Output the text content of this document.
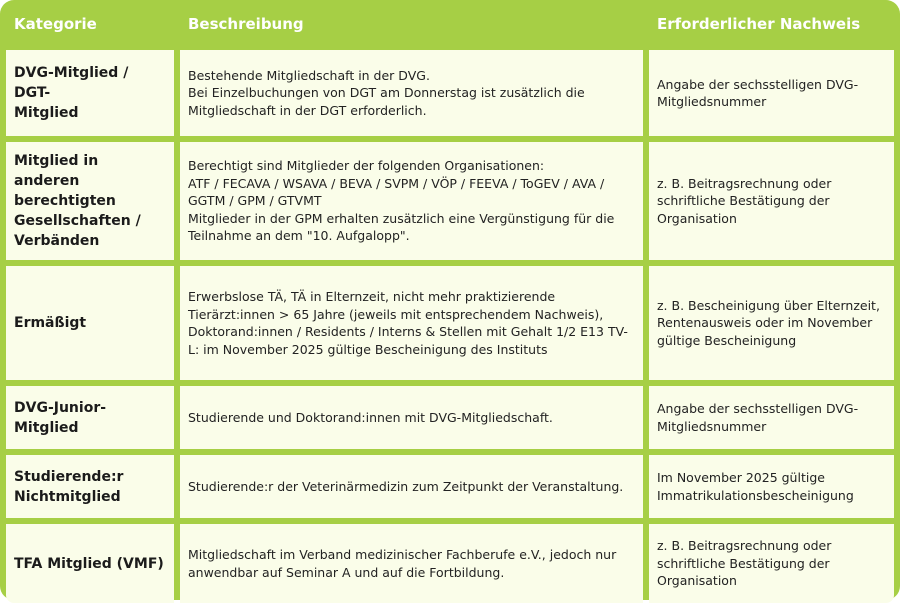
Kategorie	Beschreibung	Erforderlicher Nachweis
DVG-Mitglied / DGT-
Mitglied
Bestehende Mitgliedschaft in der DVG.
Bei Einzelbuchungen von DGT am Donnerstag ist zusätzlich die
Mitgliedschaft in der DGT erforderlich.
Angabe der sechsstelligen DVG-
Mitgliedsnummer
Mitglied in anderen
berechtigten
Gesellschaften /
Verbänden
Berechtigt sind Mitglieder der folgenden Organisationen:
ATF / FECAVA / WSAVA / BEVA / SVPM / VÖP / FEEVA / ToGEV / AVA /
GGTM / GPM / GTVMT
Mitglieder in der GPM erhalten zusätzlich eine Vergünstigung für die
Teilnahme an dem "10. Aufgalopp".
z. B. Beitragsrechnung oder
schriftliche Bestätigung der
Organisation
Ermäßigt
Erwerbslose TÄ, TÄ in Elternzeit, nicht mehr praktizierende
Tierärzt:innen > 65 Jahre (jeweils mit entsprechendem Nachweis),
Doktorand:innen / Residents / Interns & Stellen mit Gehalt 1/2 E13 TV-
L: im November 2025 gültige Bescheinigung des Instituts
z. B. Bescheinigung über Elternzeit,
Rentenausweis oder im November
gültige Bescheinigung
DVG-Junior-Mitglied
Studierende und Doktorand:innen mit DVG-Mitgliedschaft.
Angabe der sechsstelligen DVG-
Mitgliedsnummer
Studierende:r
Nichtmitglied
Studierende:r der Veterinärmedizin zum Zeitpunkt der Veranstaltung.
Im November 2025 gültige
Immatrikulationsbescheinigung
TFA Mitglied (VMF)
Mitgliedschaft im Verband medizinischer Fachberufe e.V., jedoch nur
anwendbar auf Seminar A und auf die Fortbildung.
z. B. Beitragsrechnung oder
schriftliche Bestätigung der
Organisation
